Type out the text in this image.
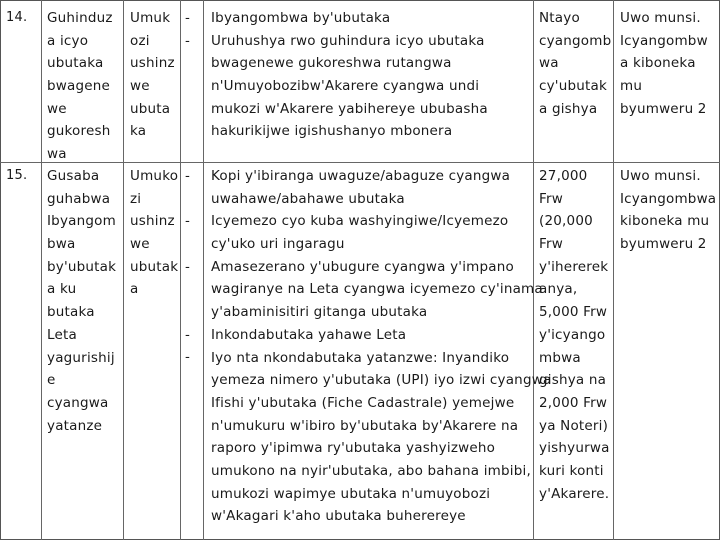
14. Guhinduz
a icyo
ubutaka
bwagene
we
gukoresh
wa
Umuk
ozi
ushinz
we
ubuta
ka
-
-
Ibyangombwa by'ubutaka
Uruhushya rwo guhindura icyo ubutaka
bwagenewe gukoreshwa rutangwa
n'Umuyobozibw'Akarere cyangwa undi
mukozi w'Akarere yabihereye ububasha
hakurikijwe igishushanyo mbonera
Ntayo
cyangomb
wa
cy'ubutak
a gishya
Uwo munsi.
Icyangombw
a kiboneka
mu
byumweru 2
15. Gusaba
guhabwa
Ibyangom
bwa
by'ubutak
a ku
butaka
Leta
yagurishij
e
cyangwa
yatanze
Umuko
zi
ushinz
we
ubutak
a
-
-
-
-
-
Kopi y'ibiranga uwaguze/abaguze cyangwa
uwahawe/abahawe ubutaka
Icyemezo cyo kuba washyingiwe/Icyemezo
cy'uko uri ingaragu
Amasezerano y'ubugure cyangwa y'impano
wagiranye na Leta cyangwa icyemezo cy'inama
y'abaminisitiri gitanga ubutaka
Inkondabutaka yahawe Leta
Iyo nta nkondabutaka yatanzwe: Inyandiko
yemeza nimero y'ubutaka (UPI) iyo izwi cyangwa
Ifishi y'ubutaka (Fiche Cadastrale) yemejwe
n'umukuru w'ibiro by'ubutaka by'Akarere na
raporo y'ipimwa ry'ubutaka yashyizweho
umukono na nyir'ubutaka, abo bahana imbibi,
umukozi wapimye ubutaka n'umuyobozi
w'Akagari k'aho ubutaka buherereye
27,000
Frw
(20,000
Frw
y'ihererek
anya,
5,000 Frw
y'icyango
mbwa
gishya na
2,000 Frw
ya Noteri)
yishyurwa
kuri konti
y'Akarere.
Uwo munsi.
Icyangombwa
kiboneka mu
byumweru 2
